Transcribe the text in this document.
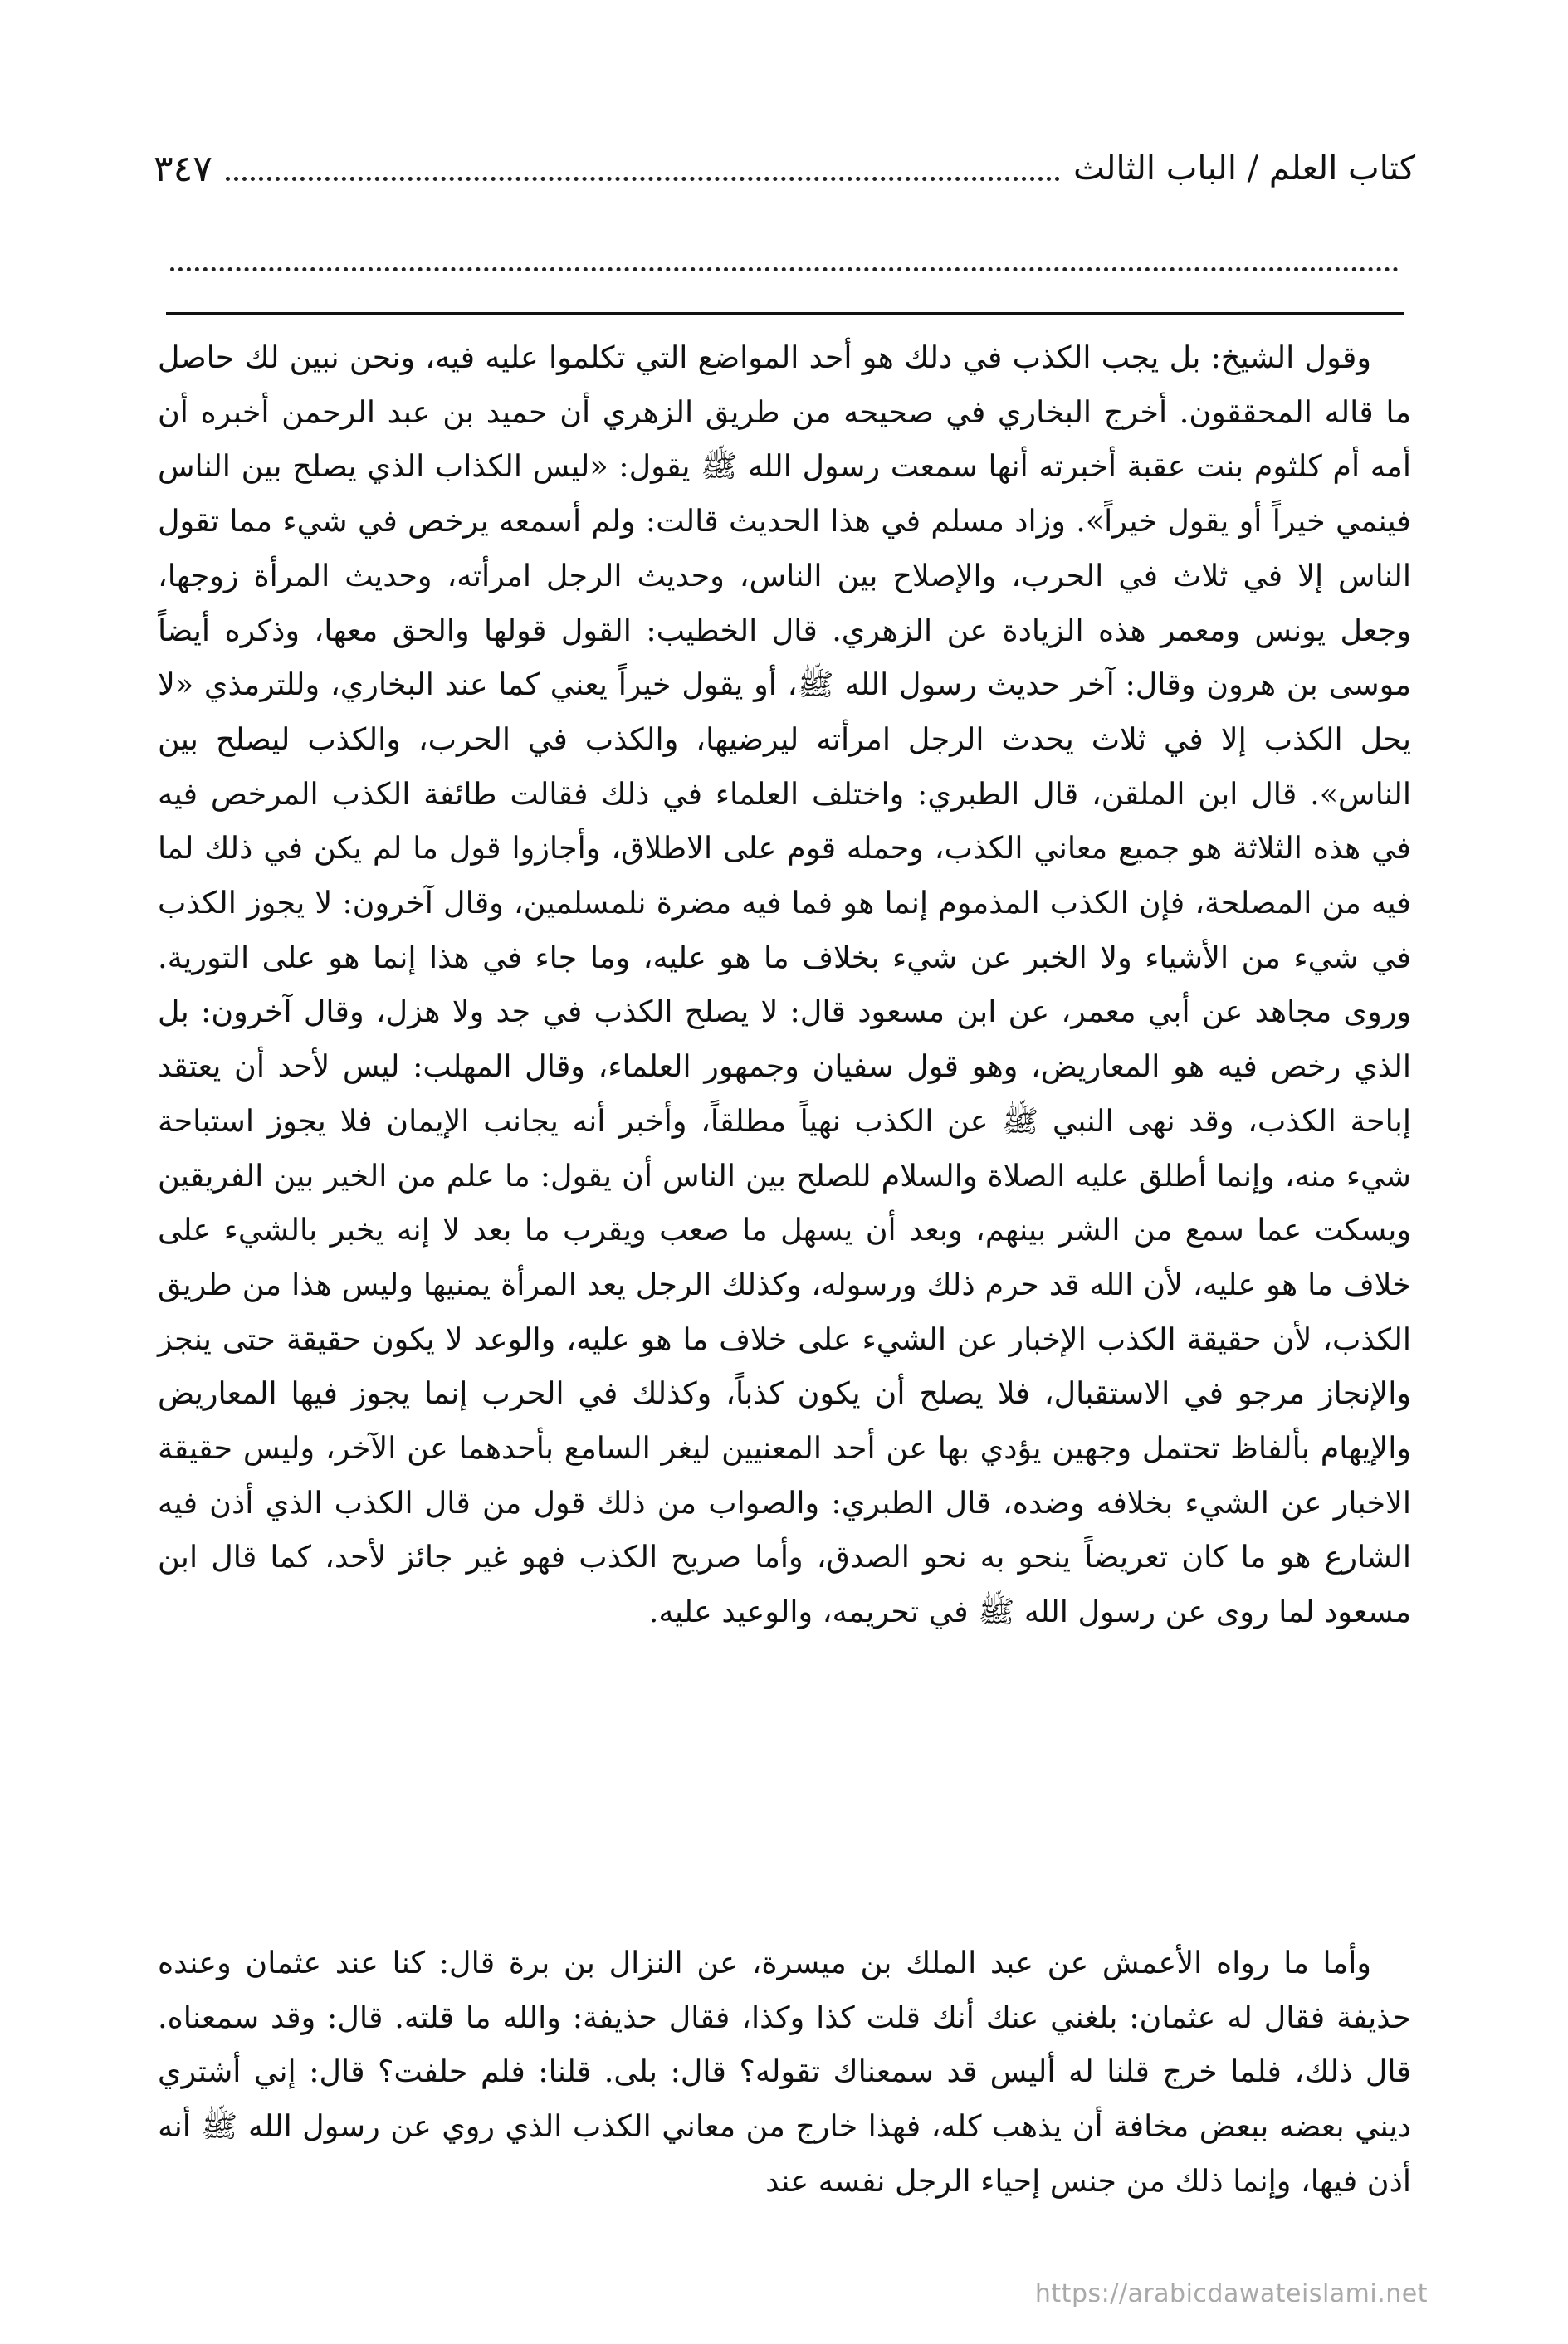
كتاب العلم / الباب الثالث
٣٤٧

وقول الشيخ: بل يجب الكذب في دلك هو أحد المواضع التي تكلموا عليه فيه، ونحن نبين لك حاصل ما قاله المحققون. أخرج البخاري في صحيحه من طريق الزهري أن حميد بن عبد الرحمن أخبره أن أمه أم كلثوم بنت عقبة أخبرته أنها سمعت رسول الله ﷺ يقول: «ليس الكذاب الذي يصلح بين الناس فينمي خيراً أو يقول خيراً». وزاد مسلم في هذا الحديث قالت: ولم أسمعه يرخص في شيء مما تقول الناس إلا في ثلاث في الحرب، والإصلاح بين الناس، وحديث الرجل امرأته، وحديث المرأة زوجها، وجعل يونس ومعمر هذه الزيادة عن الزهري. قال الخطيب: القول قولها والحق معها، وذكره أيضاً موسى بن هرون وقال: آخر حديث رسول الله ﷺ، أو يقول خيراً يعني كما عند البخاري، وللترمذي «لا يحل الكذب إلا في ثلاث يحدث الرجل امرأته ليرضيها، والكذب في الحرب، والكذب ليصلح بين الناس». قال ابن الملقن، قال الطبري: واختلف العلماء في ذلك فقالت طائفة الكذب المرخص فيه في هذه الثلاثة هو جميع معاني الكذب، وحمله قوم على الاطلاق، وأجازوا قول ما لم يكن في ذلك لما فيه من المصلحة، فإن الكذب المذموم إنما هو فما فيه مضرة نلمسلمين، وقال آخرون: لا يجوز الكذب في شيء من الأشياء ولا الخبر عن شيء بخلاف ما هو عليه، وما جاء في هذا إنما هو على التورية. وروى مجاهد عن أبي معمر، عن ابن مسعود قال: لا يصلح الكذب في جد ولا هزل، وقال آخرون: بل الذي رخص فيه هو المعاريض، وهو قول سفيان وجمهور العلماء، وقال المهلب: ليس لأحد أن يعتقد إباحة الكذب، وقد نهى النبي ﷺ عن الكذب نهياً مطلقاً، وأخبر أنه يجانب الإيمان فلا يجوز استباحة شيء منه، وإنما أطلق عليه الصلاة والسلام للصلح بين الناس أن يقول: ما علم من الخير بين الفريقين ويسكت عما سمع من الشر بينهم، وبعد أن يسهل ما صعب ويقرب ما بعد لا إنه يخبر بالشيء على خلاف ما هو عليه، لأن الله قد حرم ذلك ورسوله، وكذلك الرجل يعد المرأة يمنيها وليس هذا من طريق الكذب، لأن حقيقة الكذب الإخبار عن الشيء على خلاف ما هو عليه، والوعد لا يكون حقيقة حتى ينجز والإنجاز مرجو في الاستقبال، فلا يصلح أن يكون كذباً، وكذلك في الحرب إنما يجوز فيها المعاريض والإيهام بألفاظ تحتمل وجهين يؤدي بها عن أحد المعنيين ليغر السامع بأحدهما عن الآخر، وليس حقيقة الاخبار عن الشيء بخلافه وضده، قال الطبري: والصواب من ذلك قول من قال الكذب الذي أذن فيه الشارع هو ما كان تعريضاً ينحو به نحو الصدق، وأما صريح الكذب فهو غير جائز لأحد، كما قال ابن مسعود لما روى عن رسول الله ﷺ في تحريمه، والوعيد عليه.

وأما ما رواه الأعمش عن عبد الملك بن ميسرة، عن النزال بن برة قال: كنا عند عثمان وعنده حذيفة فقال له عثمان: بلغني عنك أنك قلت كذا وكذا، فقال حذيفة: والله ما قلته. قال: وقد سمعناه. قال ذلك، فلما خرج قلنا له أليس قد سمعناك تقوله؟ قال: بلى. قلنا: فلم حلفت؟ قال: إني أشتري ديني بعضه ببعض مخافة أن يذهب كله، فهذا خارج من معاني الكذب الذي روي عن رسول الله ﷺ أنه أذن فيها، وإنما ذلك من جنس إحياء الرجل نفسه عند

https://arabicdawateislami.net
